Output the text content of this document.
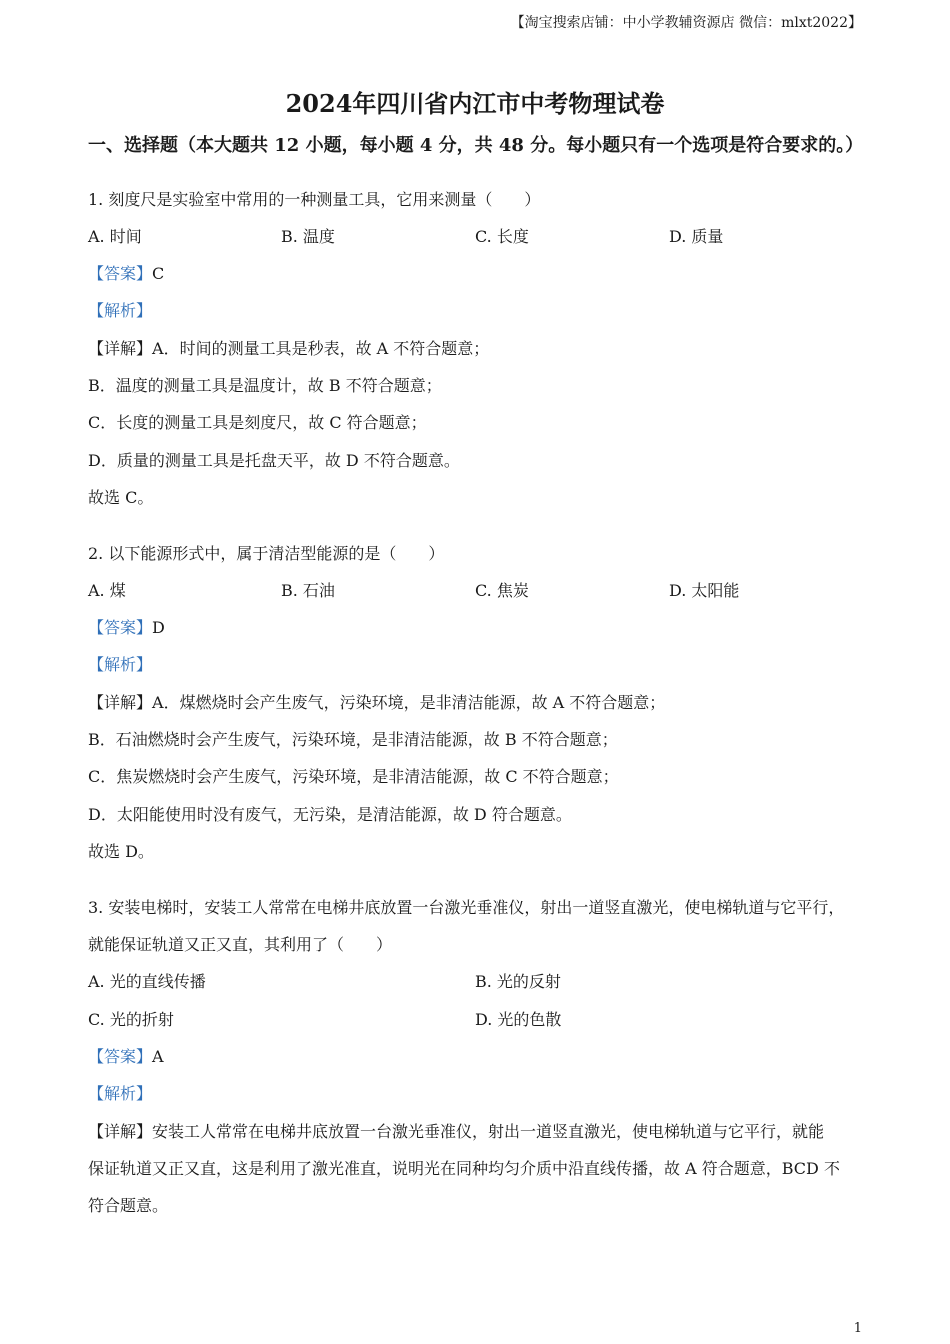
【淘宝搜索店铺：中小学教辅资源店 微信：mlxt2022】
2024年四川省内江市中考物理试卷
一、选择题（本大题共 12 小题，每小题 4 分，共 48 分。每小题只有一个选项是符合要求的。）
1. 刻度尺是实验室中常用的一种测量工具，它用来测量（　　）
A. 时间	B. 温度	C. 长度	D. 质量
【答案】C
【解析】
【详解】A．时间的测量工具是秒表，故 A 不符合题意；
B．温度的测量工具是温度计，故 B 不符合题意；
C．长度的测量工具是刻度尺，故 C 符合题意；
D．质量的测量工具是托盘天平，故 D 不符合题意。
故选 C。
2. 以下能源形式中，属于清洁型能源的是（　　）
A. 煤	B. 石油	C. 焦炭	D. 太阳能
【答案】D
【解析】
【详解】A．煤燃烧时会产生废气，污染环境，是非清洁能源，故 A 不符合题意；
B．石油燃烧时会产生废气，污染环境，是非清洁能源，故 B 不符合题意；
C．焦炭燃烧时会产生废气，污染环境，是非清洁能源，故 C 不符合题意；
D．太阳能使用时没有废气，无污染，是清洁能源，故 D 符合题意。
故选 D。
3. 安装电梯时，安装工人常常在电梯井底放置一台激光垂准仪，射出一道竖直激光，使电梯轨道与它平行，
就能保证轨道又正又直，其利用了（　　）
A. 光的直线传播	B. 光的反射
C. 光的折射	D. 光的色散
【答案】A
【解析】
【详解】安装工人常常在电梯井底放置一台激光垂准仪，射出一道竖直激光，使电梯轨道与它平行，就能
保证轨道又正又直，这是利用了激光准直，说明光在同种均匀介质中沿直线传播，故 A 符合题意，BCD 不
符合题意。
1
